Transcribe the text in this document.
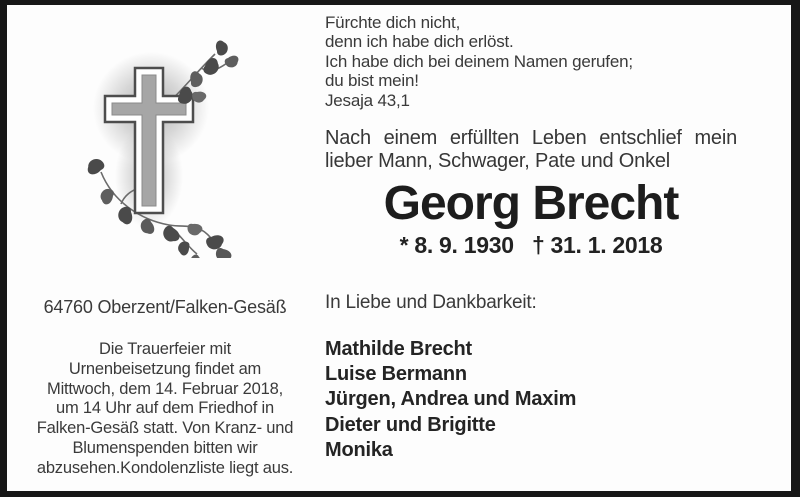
Fürchte dich nicht,
denn ich habe dich erlöst.
Ich habe dich bei deinem Namen gerufen;
du bist mein!
Jesaja 43,1
Nach einem erfüllten Leben entschlief mein
lieber Mann, Schwager, Pate und Onkel
Georg Brecht
* 8. 9. 1930   † 31. 1. 2018
64760 Oberzent/Falken-Gesäß
Die Trauerfeier mit
Urnenbeisetzung findet am
Mittwoch, dem 14. Februar 2018,
um 14 Uhr auf dem Friedhof in
Falken-Gesäß statt. Von Kranz- und
Blumenspenden bitten wir
abzusehen.Kondolenzliste liegt aus.
In Liebe und Dankbarkeit:
Mathilde Brecht
Luise Bermann
Jürgen, Andrea und Maxim
Dieter und Brigitte
Monika
